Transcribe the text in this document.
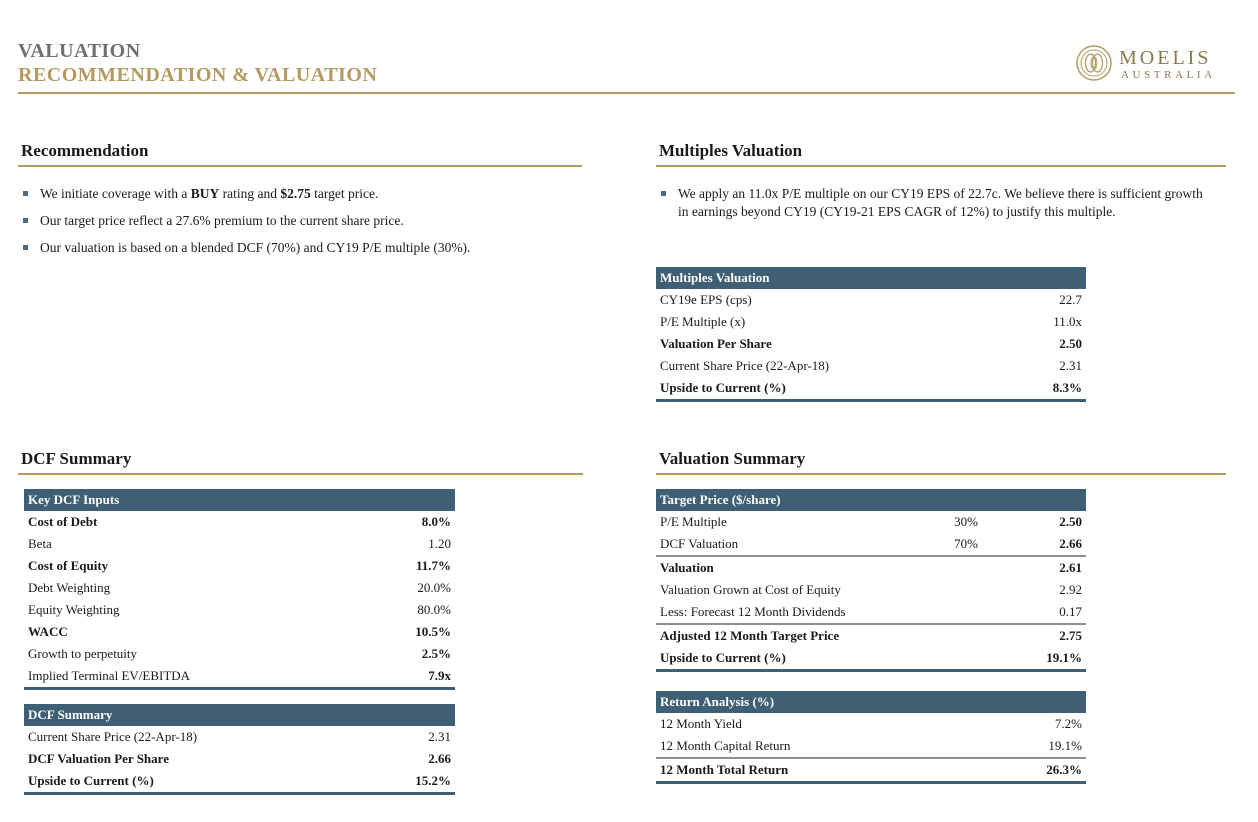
VALUATION
RECOMMENDATION & VALUATION
MOELIS
AUSTRALIA
Recommendation
We initiate coverage with a BUY rating and $2.75 target price.
Our target price reflect a 27.6% premium to the current share price.
Our valuation is based on a blended DCF (70%) and CY19 P/E multiple (30%).
Multiples Valuation
We apply an 11.0x P/E multiple on our CY19 EPS of 22.7c. We believe there is sufficient growth in earnings beyond CY19 (CY19-21 EPS CAGR of 12%) to justify this multiple.
Multiples Valuation	
CY19e EPS (cps)	22.7
P/E Multiple (x)	11.0x
Valuation Per Share	2.50
Current Share Price (22-Apr-18)	2.31
Upside to Current (%)	8.3%
DCF Summary
Key DCF Inputs	
Cost of Debt	8.0%
Beta	1.20
Cost of Equity	11.7%
Debt Weighting	20.0%
Equity Weighting	80.0%
WACC	10.5%
Growth to perpetuity	2.5%
Implied Terminal EV/EBITDA	7.9x
DCF Summary	
Current Share Price (22-Apr-18)	2.31
DCF Valuation Per Share	2.66
Upside to Current (%)	15.2%
Valuation Summary
Target Price ($/share)		
P/E Multiple	30%	2.50
DCF Valuation	70%	2.66
Valuation		2.61
Valuation Grown at Cost of Equity		2.92
Less: Forecast 12 Month Dividends		0.17
Adjusted 12 Month Target Price		2.75
Upside to Current (%)		19.1%
Return Analysis (%)	
12 Month Yield	7.2%
12 Month Capital Return	19.1%
12 Month Total Return	26.3%
